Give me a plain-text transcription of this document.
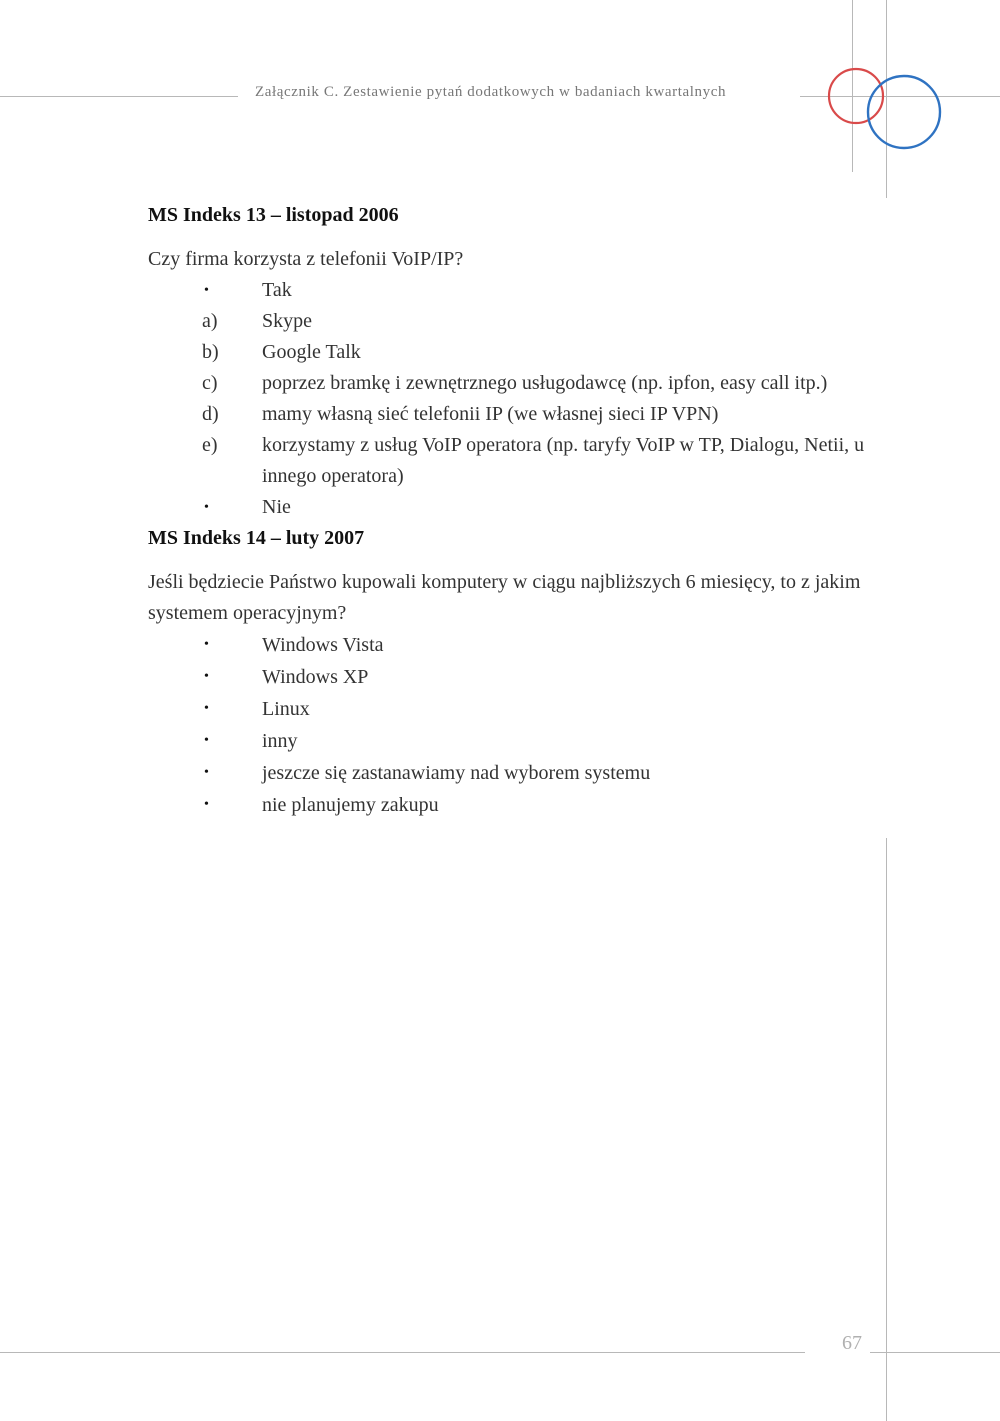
Załącznik C. Zestawienie pytań dodatkowych w badaniach kwartalnych
MS Indeks 13 – listopad 2006

Czy firma korzysta z telefonii VoIP/IP?

•	Tak
a)	Skype
b)	Google Talk
c)	poprzez bramkę i zewnętrznego usługodawcę (np. ipfon, easy call itp.)
d)	mamy własną sieć telefonii IP (we własnej sieci IP VPN)
e)	korzystamy z usług VoIP operatora (np. taryfy VoIP w TP, Dialogu, Netii, u innego operatora)
•	Nie
MS Indeks 14 – luty 2007

Jeśli będziecie Państwo kupowali komputery w ciągu najbliższych 6 miesięcy, to z jakim systemem operacyjnym?

•	Windows Vista
•	Windows XP
•	Linux
•	inny
•	jeszcze się zastanawiamy nad wyborem systemu
•	nie planujemy zakupu
67
